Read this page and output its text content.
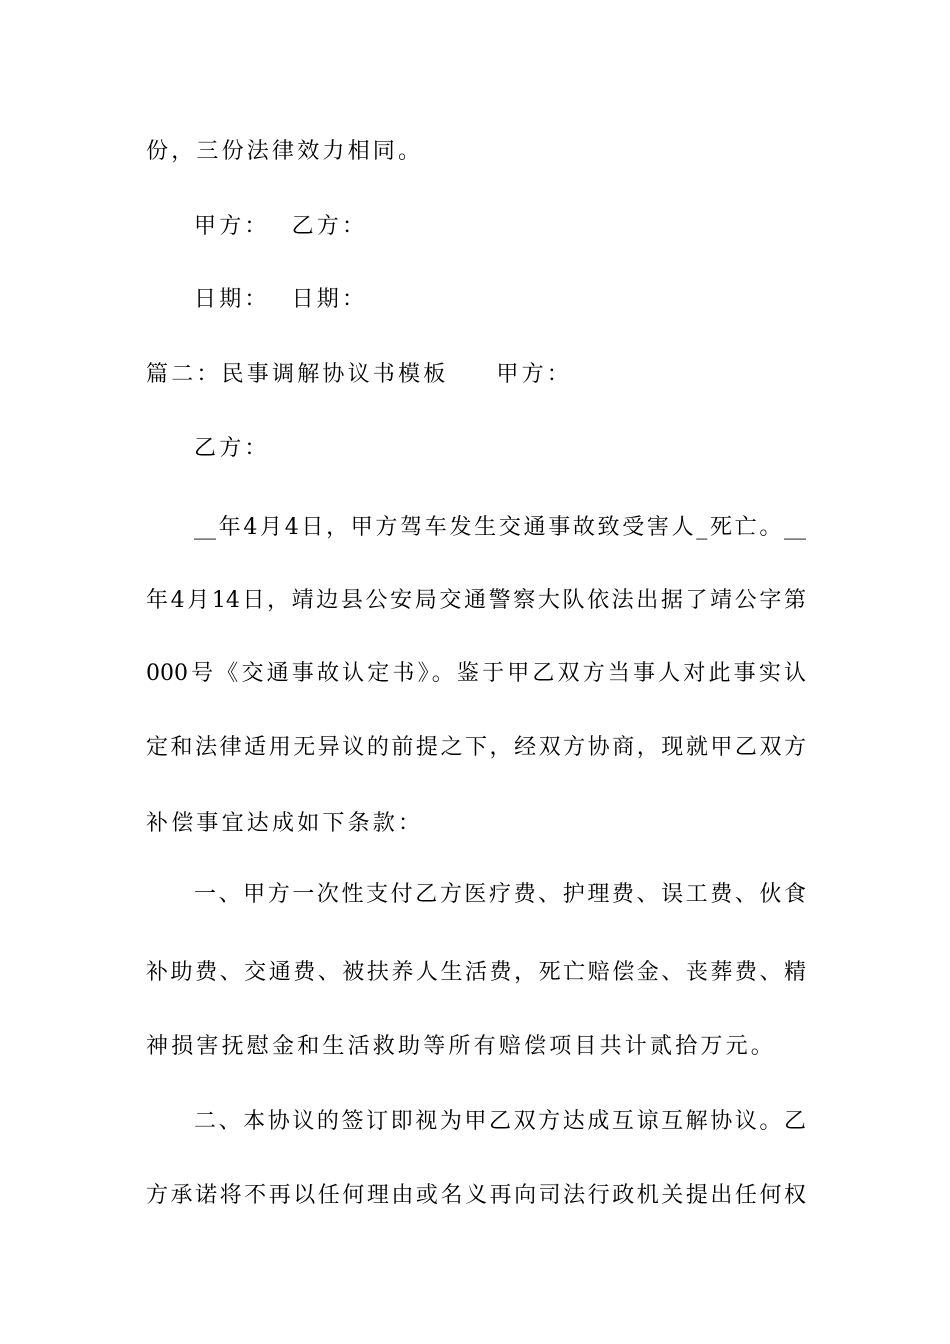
份，三份法律效力相同。
甲方： 乙方：
日期： 日期：
篇二：民事调解协议书模板 甲方：
乙方：
__年4月4日，甲方驾车发生交通事故致受害人_死亡。__
年4月14日，靖边县公安局交通警察大队依法出据了靖公字第
000号《交通事故认定书》。鉴于甲乙双方当事人对此事实认
定和法律适用无异议的前提之下，经双方协商，现就甲乙双方
补偿事宜达成如下条款：
一、甲方一次性支付乙方医疗费、护理费、误工费、伙食
补助费、交通费、被扶养人生活费，死亡赔偿金、丧葬费、精
神损害抚慰金和生活救助等所有赔偿项目共计贰拾万元。
二、本协议的签订即视为甲乙双方达成互谅互解协议。乙
方承诺将不再以任何理由或名义再向司法行政机关提出任何权
